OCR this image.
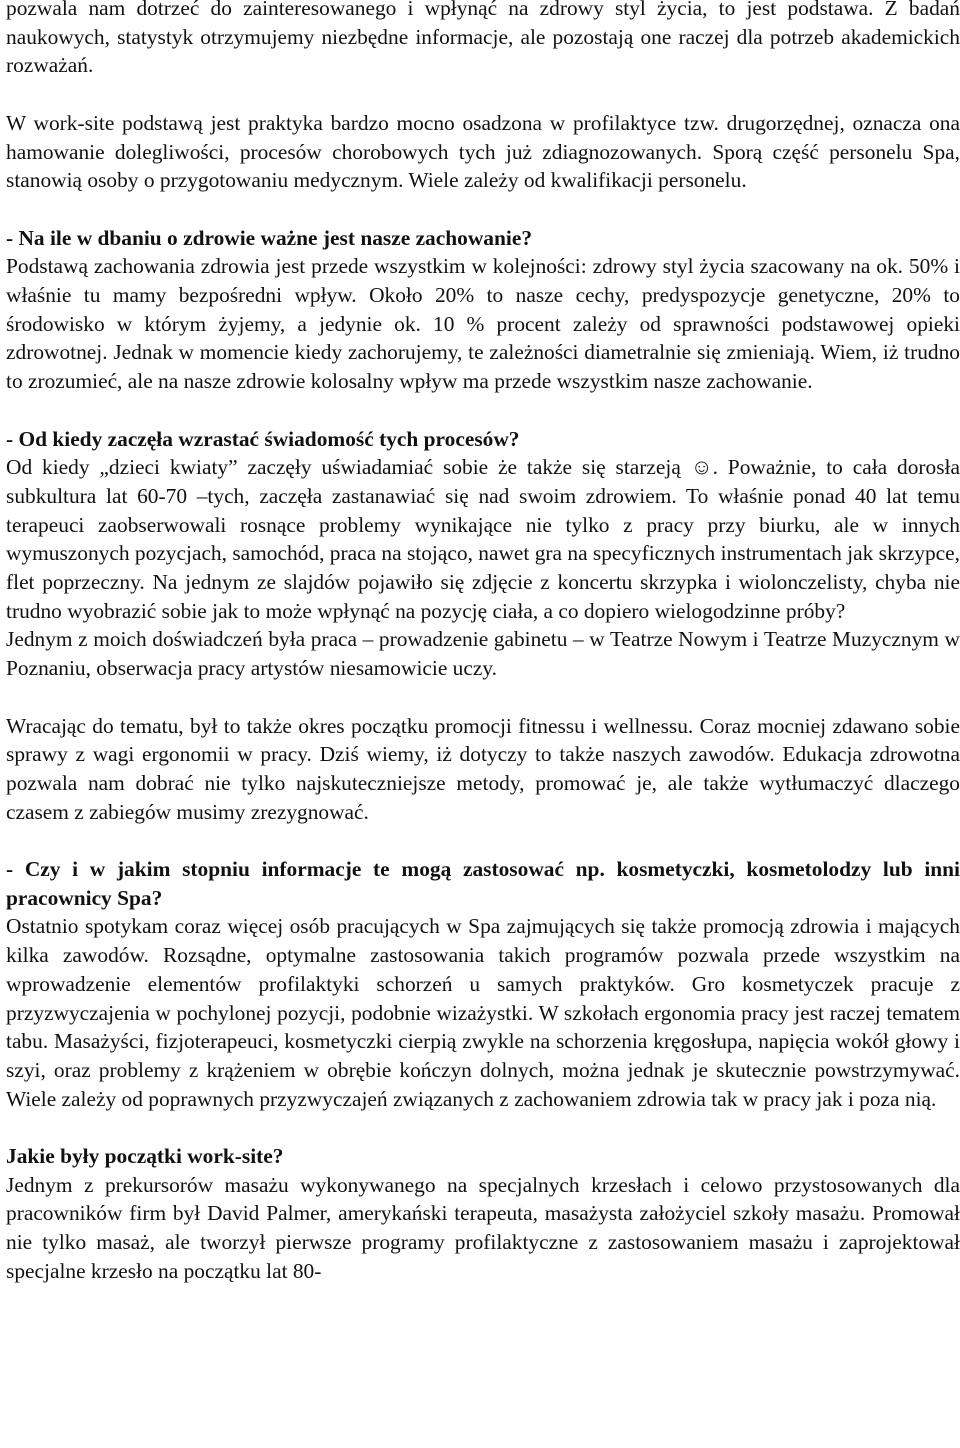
pozwala nam dotrzeć do zainteresowanego i wpłynąć na zdrowy styl życia, to jest podstawa. Z badań naukowych, statystyk otrzymujemy niezbędne informacje, ale pozostają one raczej dla potrzeb akademickich rozważań.

W work-site podstawą jest praktyka bardzo mocno osadzona w profilaktyce tzw. drugorzędnej, oznacza ona hamowanie dolegliwości, procesów chorobowych tych już zdiagnozowanych. Sporą część personelu Spa, stanowią osoby o przygotowaniu medycznym. Wiele zależy od kwalifikacji personelu.

- Na ile w dbaniu o zdrowie ważne jest nasze zachowanie?

Podstawą zachowania zdrowia jest przede wszystkim w kolejności: zdrowy styl życia szacowany na ok. 50% i właśnie tu mamy bezpośredni wpływ. Około 20% to nasze cechy, predyspozycje genetyczne, 20% to środowisko w którym żyjemy, a jedynie ok. 10 % procent zależy od sprawności podstawowej opieki zdrowotnej. Jednak w momencie kiedy zachorujemy, te zależności diametralnie się zmieniają. Wiem, iż trudno to zrozumieć, ale na nasze zdrowie kolosalny wpływ ma przede wszystkim nasze zachowanie.

- Od kiedy zaczęła wzrastać świadomość tych procesów?

Od kiedy „dzieci kwiaty” zaczęły uświadamiać sobie że także się starzeją ☺. Poważnie, to cała dorosła subkultura lat 60-70 –tych, zaczęła zastanawiać się nad swoim zdrowiem. To właśnie ponad 40 lat temu terapeuci zaobserwowali rosnące problemy wynikające nie tylko z pracy przy biurku, ale w innych wymuszonych pozycjach, samochód, praca na stojąco, nawet gra na specyficznych instrumentach jak skrzypce, flet poprzeczny. Na jednym ze slajdów pojawiło się zdjęcie z koncertu skrzypka i wiolonczelisty, chyba nie trudno wyobrazić sobie jak to może wpłynąć na pozycję ciała, a co dopiero wielogodzinne próby?

Jednym z moich doświadczeń była praca – prowadzenie gabinetu – w Teatrze Nowym i Teatrze Muzycznym w Poznaniu, obserwacja pracy artystów niesamowicie uczy.

Wracając do tematu, był to także okres początku promocji fitnessu i wellnessu. Coraz mocniej zdawano sobie sprawy z wagi ergonomii w pracy. Dziś wiemy, iż dotyczy to także naszych zawodów. Edukacja zdrowotna pozwala nam dobrać nie tylko najskuteczniejsze metody, promować je, ale także wytłumaczyć dlaczego czasem z zabiegów musimy zrezygnować.

- Czy i w jakim stopniu informacje te mogą zastosować np. kosmetyczki, kosmetolodzy lub inni pracownicy Spa?

Ostatnio spotykam coraz więcej osób pracujących w Spa zajmujących się także promocją zdrowia i mających kilka zawodów. Rozsądne, optymalne zastosowania takich programów pozwala przede wszystkim na wprowadzenie elementów profilaktyki schorzeń u samych praktyków. Gro kosmetyczek pracuje z przyzwyczajenia w pochylonej pozycji, podobnie wizażystki. W szkołach ergonomia pracy jest raczej tematem tabu. Masażyści, fizjoterapeuci, kosmetyczki cierpią zwykle na schorzenia kręgosłupa, napięcia wokół głowy i szyi, oraz problemy z krążeniem w obrębie kończyn dolnych, można jednak je skutecznie powstrzymywać. Wiele zależy od poprawnych przyzwyczajeń związanych z zachowaniem zdrowia tak w pracy jak i poza nią.

Jakie były początki work-site?

Jednym z prekursorów masażu wykonywanego na specjalnych krzesłach i celowo przystosowanych dla pracowników firm był David Palmer, amerykański terapeuta, masażysta założyciel szkoły masażu. Promował nie tylko masaż, ale tworzył pierwsze programy profilaktyczne z zastosowaniem masażu i zaprojektował specjalne krzesło na początku lat 80-
